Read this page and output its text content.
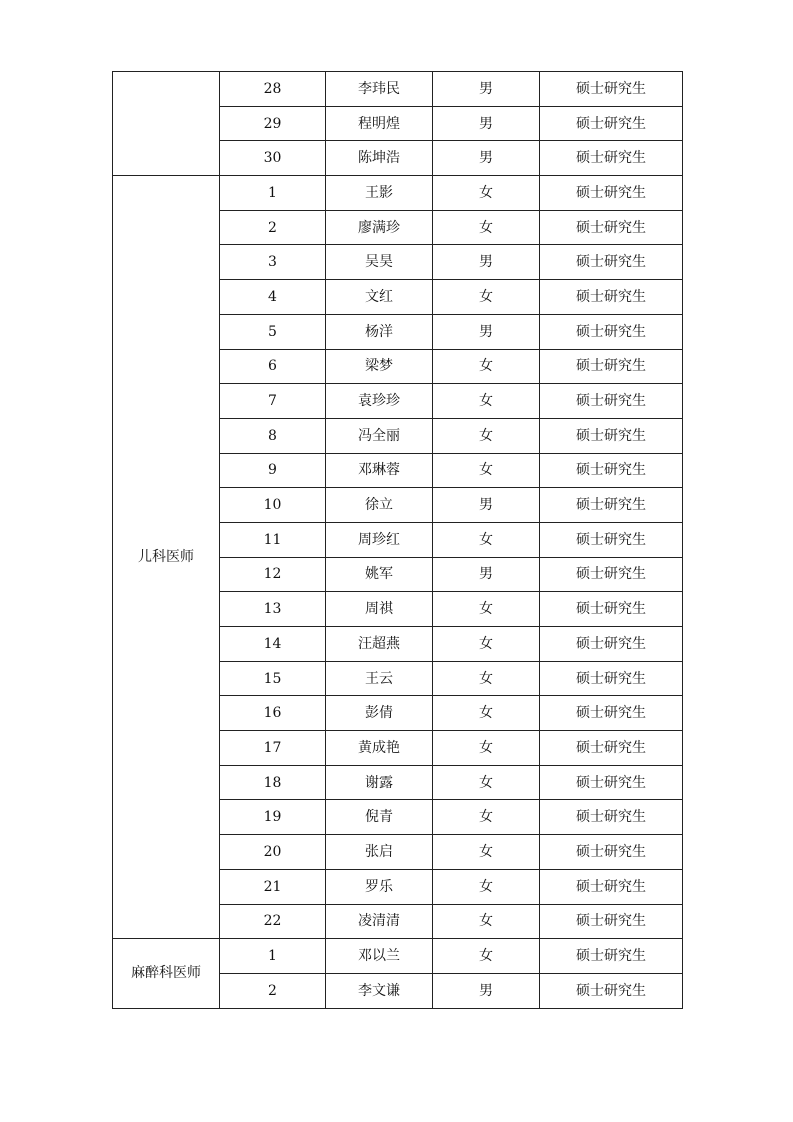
	28	李玮民	男	硕士研究生
	29	程明煌	男	硕士研究生
	30	陈坤浩	男	硕士研究生
儿科医师	1	王影	女	硕士研究生
	2	廖满珍	女	硕士研究生
	3	吴昊	男	硕士研究生
	4	文红	女	硕士研究生
	5	杨洋	男	硕士研究生
	6	梁梦	女	硕士研究生
	7	袁珍珍	女	硕士研究生
	8	冯全丽	女	硕士研究生
	9	邓琳蓉	女	硕士研究生
	10	徐立	男	硕士研究生
	11	周珍红	女	硕士研究生
	12	姚军	男	硕士研究生
	13	周祺	女	硕士研究生
	14	汪超燕	女	硕士研究生
	15	王云	女	硕士研究生
	16	彭倩	女	硕士研究生
	17	黄成艳	女	硕士研究生
	18	谢露	女	硕士研究生
	19	倪青	女	硕士研究生
	20	张启	女	硕士研究生
	21	罗乐	女	硕士研究生
	22	凌清清	女	硕士研究生
麻醉科医师	1	邓以兰	女	硕士研究生
	2	李文谦	男	硕士研究生
